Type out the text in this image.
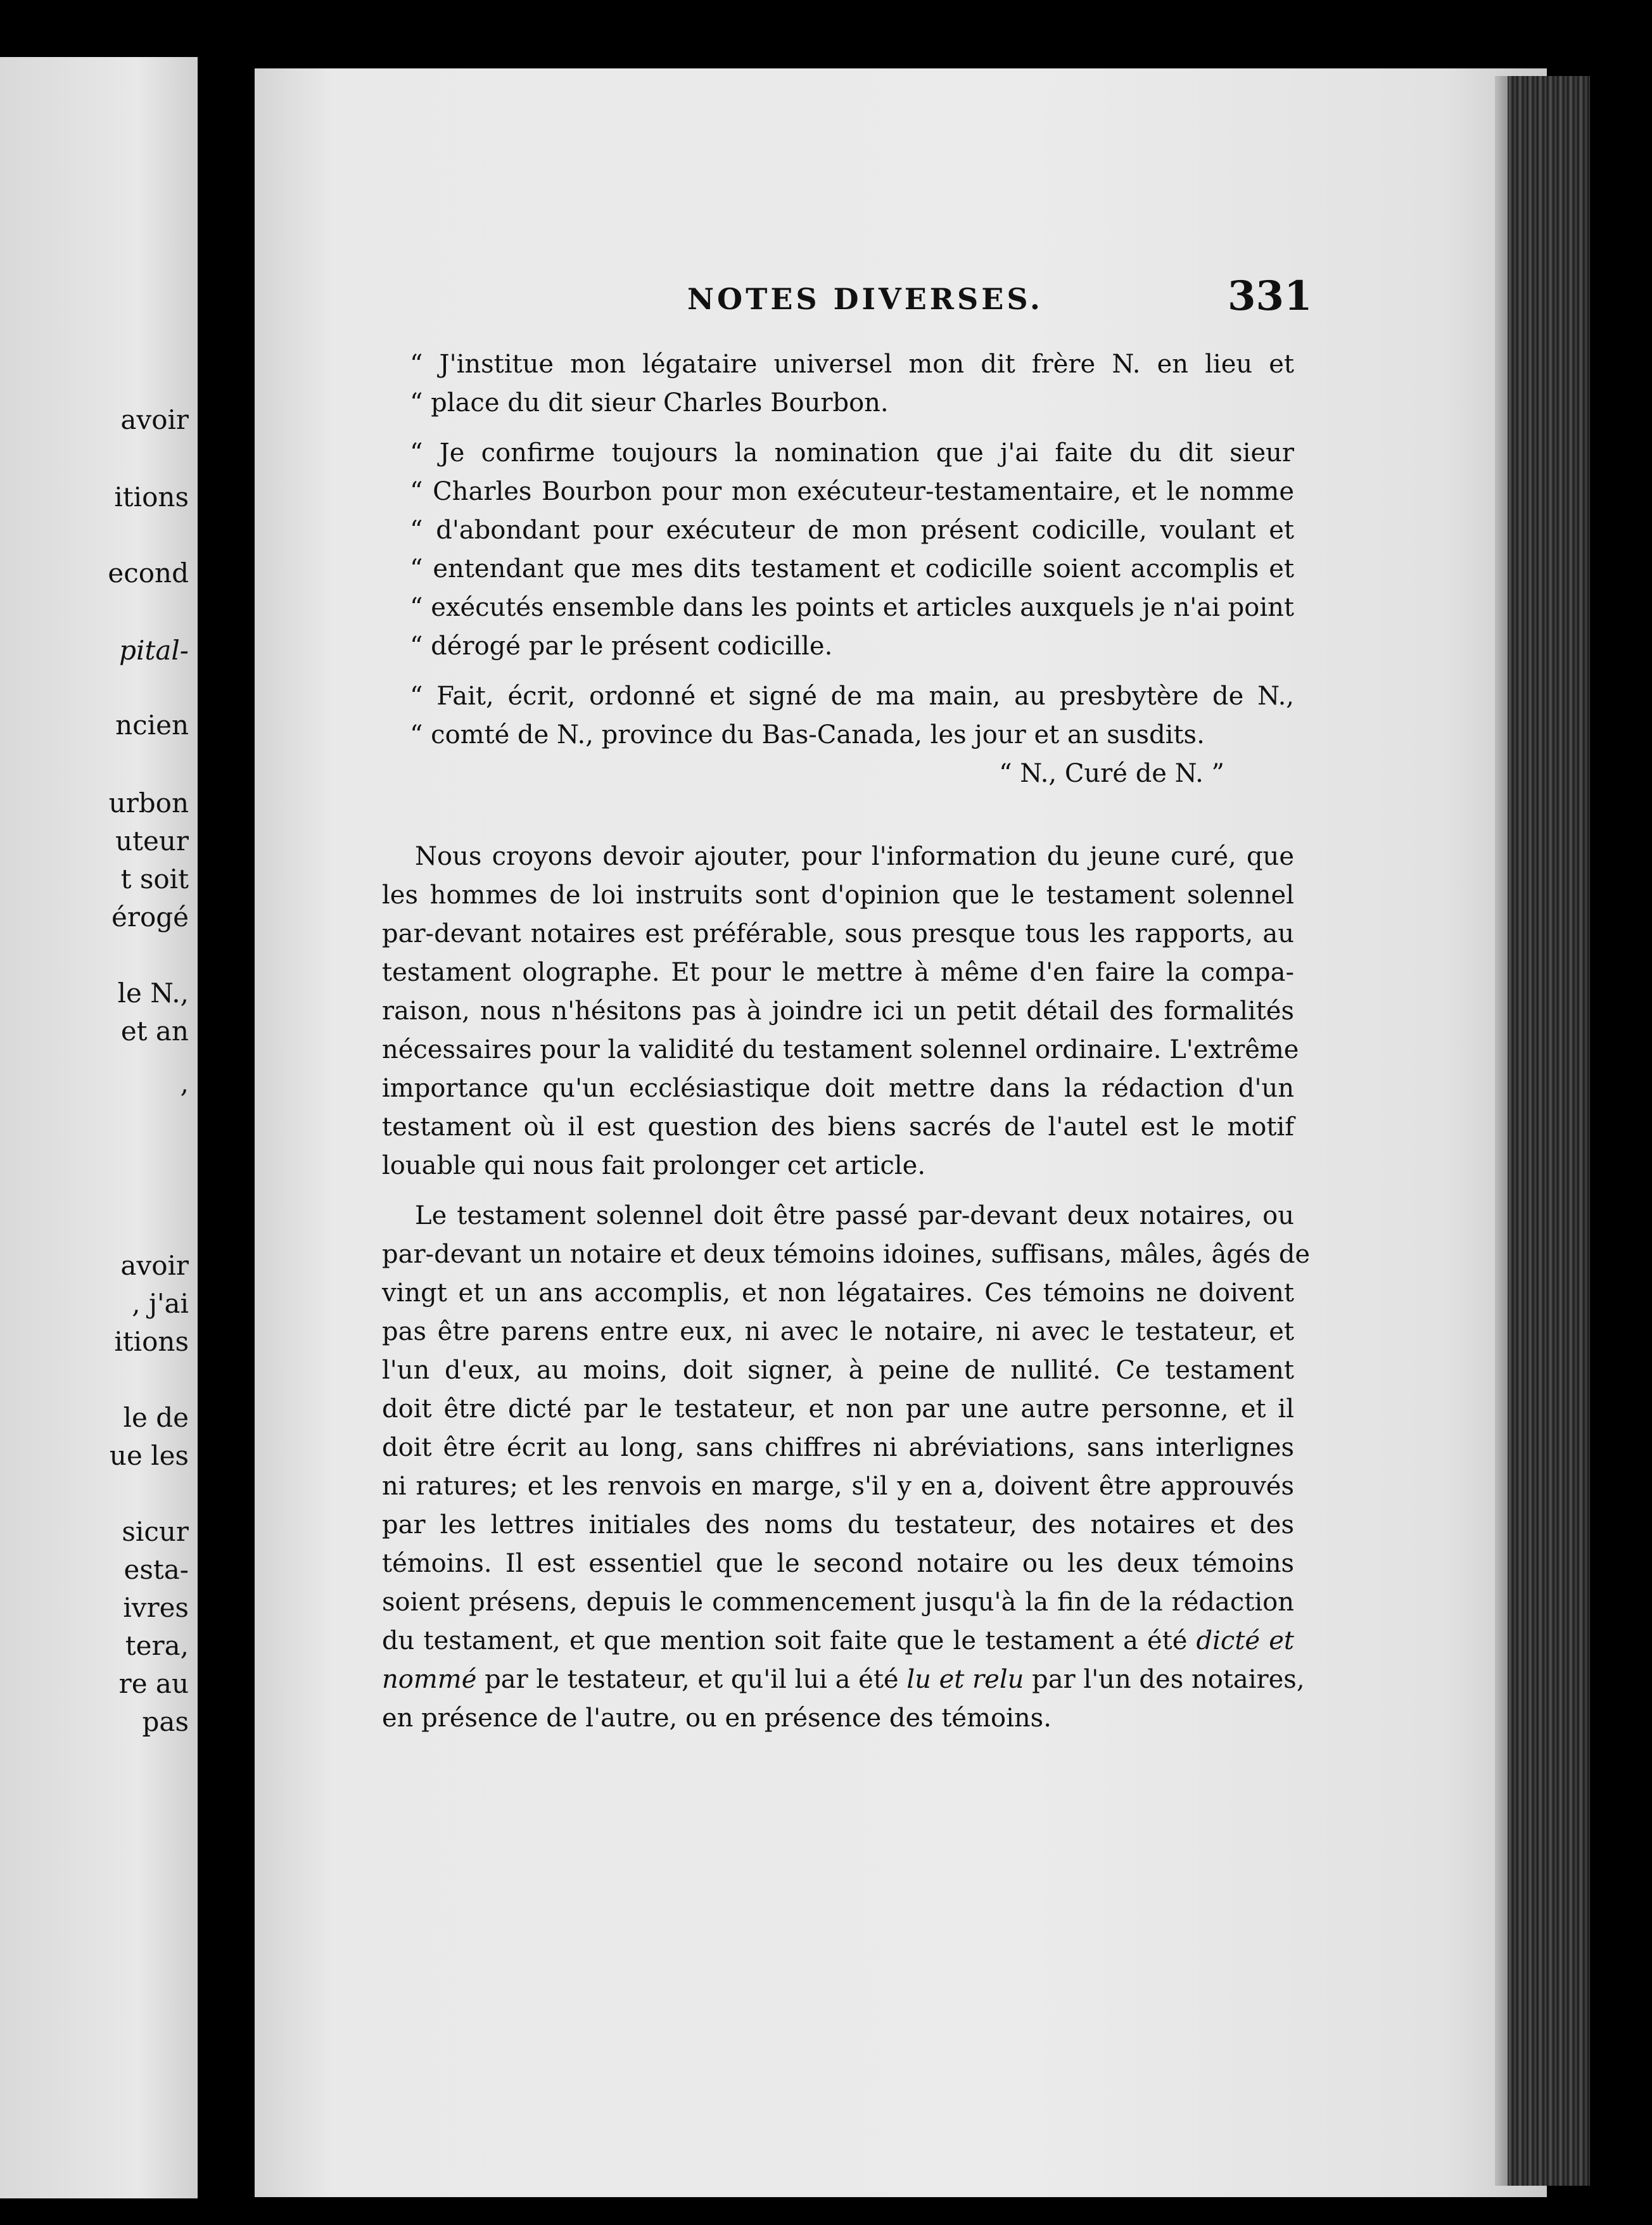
avoir
itions
econd
pital-
ncien
urbon
uteur
t soit
érogé
le N.,
et an
,
avoir
, j'ai
itions
le de
ue les
sicur
esta-
ivres
tera,
re au
pas
NOTES DIVERSES.	331
“ J'institue mon légataire universel mon dit frère N. en lieu et
“ place du dit sieur Charles Bourbon.
“ Je confirme toujours la nomination que j'ai faite du dit sieur
“ Charles Bourbon pour mon exécuteur-testamentaire, et le nomme
“ d'abondant pour exécuteur de mon présent codicille, voulant et
“ entendant que mes dits testament et codicille soient accomplis et
“ exécutés ensemble dans les points et articles auxquels je n'ai point
“ dérogé par le présent codicille.
“ Fait, écrit, ordonné et signé de ma main, au presbytère de N.,
“ comté de N., province du Bas-Canada, les jour et an susdits.
“ N., Curé de N. ”
Nous croyons devoir ajouter, pour l'information du jeune curé, que
les hommes de loi instruits sont d'opinion que le testament solennel
par-devant notaires est préférable, sous presque tous les rapports, au
testament olographe. Et pour le mettre à même d'en faire la compa-
raison, nous n'hésitons pas à joindre ici un petit détail des formalités
nécessaires pour la validité du testament solennel ordinaire. L'extrême
importance qu'un ecclésiastique doit mettre dans la rédaction d'un
testament où il est question des biens sacrés de l'autel est le motif
louable qui nous fait prolonger cet article.
Le testament solennel doit être passé par-devant deux notaires, ou
par-devant un notaire et deux témoins idoines, suffisans, mâles, âgés de
vingt et un ans accomplis, et non légataires. Ces témoins ne doivent
pas être parens entre eux, ni avec le notaire, ni avec le testateur, et
l'un d'eux, au moins, doit signer, à peine de nullité. Ce testament
doit être dicté par le testateur, et non par une autre personne, et il
doit être écrit au long, sans chiffres ni abréviations, sans interlignes
ni ratures; et les renvois en marge, s'il y en a, doivent être approuvés
par les lettres initiales des noms du testateur, des notaires et des
témoins. Il est essentiel que le second notaire ou les deux témoins
soient présens, depuis le commencement jusqu'à la fin de la rédaction
du testament, et que mention soit faite que le testament a été dicté et
nommé par le testateur, et qu'il lui a été lu et relu par l'un des notaires,
en présence de l'autre, ou en présence des témoins.
